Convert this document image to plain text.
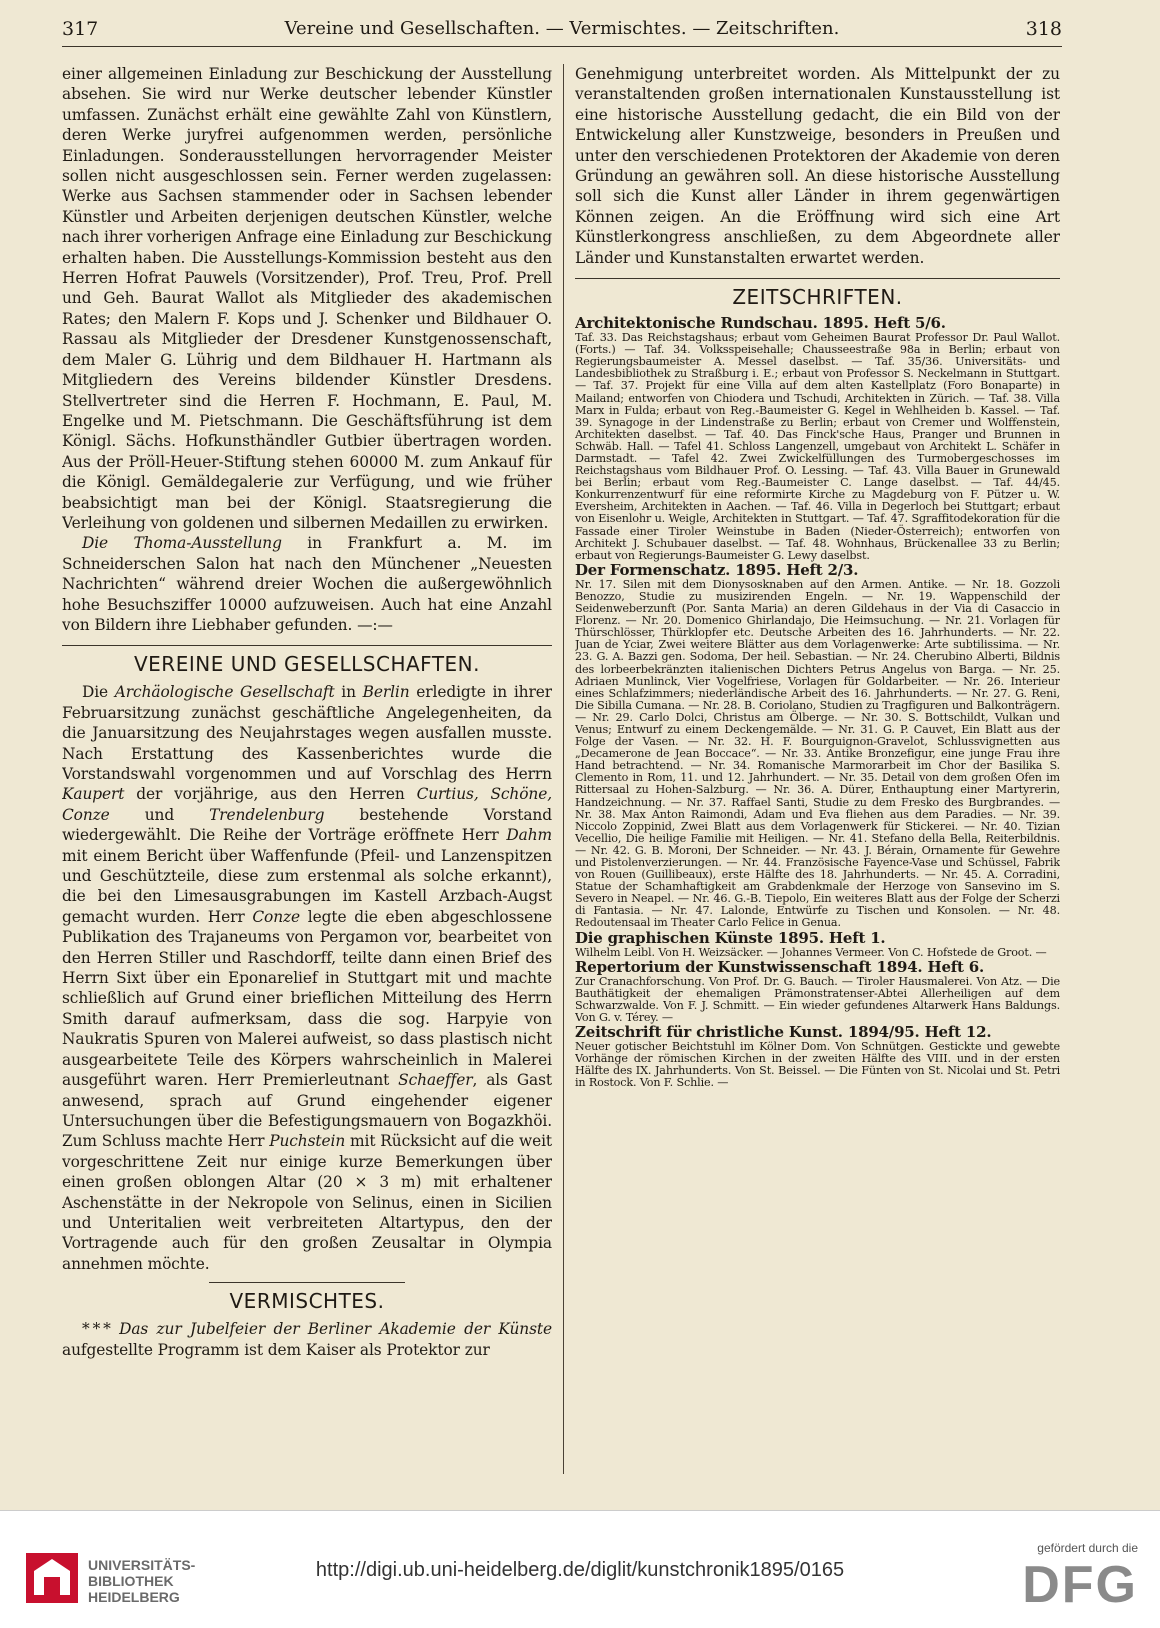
317	Vereine und Gesellschaften. — Vermischtes. — Zeitschriften.	318

einer allgemeinen Einladung zur Beschickung der Ausstellung absehen. Sie wird nur Werke deutscher lebender Künstler umfassen. Zunächst erhält eine gewählte Zahl von Künstlern, deren Werke juryfrei aufgenommen werden, persönliche Einladungen. Sonderausstellungen hervorragender Meister sollen nicht ausgeschlossen sein. Ferner werden zugelassen: Werke aus Sachsen stammender oder in Sachsen lebender Künstler und Arbeiten derjenigen deutschen Künstler, welche nach ihrer vorherigen Anfrage eine Einladung zur Beschickung erhalten haben. Die Ausstellungs-Kommission besteht aus den Herren Hofrat Pauwels (Vorsitzender), Prof. Treu, Prof. Prell und Geh. Baurat Wallot als Mitglieder des akademischen Rates; den Malern F. Kops und J. Schenker und Bildhauer O. Rassau als Mitglieder der Dresdener Kunstgenossenschaft, dem Maler G. Lührig und dem Bildhauer H. Hartmann als Mitgliedern des Vereins bildender Künstler Dresdens. Stellvertreter sind die Herren F. Hochmann, E. Paul, M. Engelke und M. Pietschmann. Die Geschäftsführung ist dem Königl. Sächs. Hofkunsthändler Gutbier übertragen worden. Aus der Pröll-Heuer-Stiftung stehen 60000 M. zum Ankauf für die Königl. Gemäldegalerie zur Verfügung, und wie früher beabsichtigt man bei der Königl. Staatsregierung die Verleihung von goldenen und silbernen Medaillen zu erwirken.

Die Thoma-Ausstellung in Frankfurt a. M. im Schneiderschen Salon hat nach den Münchener „Neuesten Nachrichten“ während dreier Wochen die außergewöhnlich hohe Besuchsziffer 10000 aufzuweisen. Auch hat eine Anzahl von Bildern ihre Liebhaber gefunden. —:—

VEREINE UND GESELLSCHAFTEN.

Die Archäologische Gesellschaft in Berlin erledigte in ihrer Februarsitzung zunächst geschäftliche Angelegenheiten, da die Januarsitzung des Neujahrstages wegen ausfallen musste. Nach Erstattung des Kassenberichtes wurde die Vorstandswahl vorgenommen und auf Vorschlag des Herrn Kaupert der vorjährige, aus den Herren Curtius, Schöne, Conze und Trendelenburg bestehende Vorstand wiedergewählt. Die Reihe der Vorträge eröffnete Herr Dahm mit einem Bericht über Waffenfunde (Pfeil- und Lanzenspitzen und Geschützteile, diese zum erstenmal als solche erkannt), die bei den Limesausgrabungen im Kastell Arzbach-Augst gemacht wurden. Herr Conze legte die eben abgeschlossene Publikation des Trajaneums von Pergamon vor, bearbeitet von den Herren Stiller und Raschdorff, teilte dann einen Brief des Herrn Sixt über ein Eponarelief in Stuttgart mit und machte schließlich auf Grund einer brieflichen Mitteilung des Herrn Smith darauf aufmerksam, dass die sog. Harpyie von Naukratis Spuren von Malerei aufweist, so dass plastisch nicht ausgearbeitete Teile des Körpers wahrscheinlich in Malerei ausgeführt waren. Herr Premierleutnant Schaeffer, als Gast anwesend, sprach auf Grund eingehender eigener Untersuchungen über die Befestigungsmauern von Bogazkhöi. Zum Schluss machte Herr Puchstein mit Rücksicht auf die weit vorgeschrittene Zeit nur einige kurze Bemerkungen über einen großen oblongen Altar (20 × 3 m) mit erhaltener Aschenstätte in der Nekropole von Selinus, einen in Sicilien und Unteritalien weit verbreiteten Altartypus, den der Vortragende auch für den großen Zeusaltar in Olympia annehmen möchte.

VERMISCHTES.

* * * Das zur Jubelfeier der Berliner Akademie der Künste aufgestellte Programm ist dem Kaiser als Protektor zur

Genehmigung unterbreitet worden. Als Mittelpunkt der zu veranstaltenden großen internationalen Kunstausstellung ist eine historische Ausstellung gedacht, die ein Bild von der Entwickelung aller Kunstzweige, besonders in Preußen und unter den verschiedenen Protektoren der Akademie von deren Gründung an gewähren soll. An diese historische Ausstellung soll sich die Kunst aller Länder in ihrem gegenwärtigen Können zeigen. An die Eröffnung wird sich eine Art Künstlerkongress anschließen, zu dem Abgeordnete aller Länder und Kunstanstalten erwartet werden.

ZEITSCHRIFTEN.

Architektonische Rundschau. 1895. Heft 5/6.

Taf. 33. Das Reichstagshaus; erbaut vom Geheimen Baurat Professor Dr. Paul Wallot. (Forts.) — Taf. 34. Volksspeisehalle; Chausseestraße 98a in Berlin; erbaut von Regierungsbaumeister A. Messel daselbst. — Taf. 35/36. Universitäts- und Landesbibliothek zu Straßburg i. E.; erbaut von Professor S. Neckelmann in Stuttgart. — Taf. 37. Projekt für eine Villa auf dem alten Kastellplatz (Foro Bonaparte) in Mailand; entworfen von Chiodera und Tschudi, Architekten in Zürich. — Taf. 38. Villa Marx in Fulda; erbaut von Reg.-Baumeister G. Kegel in Wehlheiden b. Kassel. — Taf. 39. Synagoge in der Lindenstraße zu Berlin; erbaut von Cremer und Wolffenstein, Architekten daselbst. — Taf. 40. Das Finck'sche Haus, Pranger und Brunnen in Schwäb. Hall. — Tafel 41. Schloss Langenzell, umgebaut von Architekt L. Schäfer in Darmstadt. — Tafel 42. Zwei Zwickelfüllungen des Turmobergeschosses im Reichstagshaus vom Bildhauer Prof. O. Lessing. — Taf. 43. Villa Bauer in Grunewald bei Berlin; erbaut vom Reg.-Baumeister C. Lange daselbst. — Taf. 44/45. Konkurrenzentwurf für eine reformirte Kirche zu Magdeburg von F. Pützer u. W. Eversheim, Architekten in Aachen. — Taf. 46. Villa in Degerloch bei Stuttgart; erbaut von Eisenlohr u. Weigle, Architekten in Stuttgart. — Taf. 47. Sgraffitodekoration für die Fassade einer Tiroler Weinstube in Baden (Nieder-Österreich); entworfen von Architekt J. Schubauer daselbst. — Taf. 48. Wohnhaus, Brückenallee 33 zu Berlin; erbaut von Regierungs-Baumeister G. Lewy daselbst.

Der Formenschatz. 1895. Heft 2/3.

Nr. 17. Silen mit dem Dionysosknaben auf den Armen. Antike. — Nr. 18. Gozzoli Benozzo, Studie zu musizirenden Engeln. — Nr. 19. Wappenschild der Seidenweberzunft (Por. Santa Maria) an deren Gildehaus in der Via di Casaccio in Florenz. — Nr. 20. Domenico Ghirlandajo, Die Heimsuchung. — Nr. 21. Vorlagen für Thürschlösser, Thürklopfer etc. Deutsche Arbeiten des 16. Jahrhunderts. — Nr. 22. Juan de Yciar, Zwei weitere Blätter aus dem Vorlagenwerke: Arte subtilissima. — Nr. 23. G. A. Bazzi gen. Sodoma, Der heil. Sebastian. — Nr. 24. Cherubino Alberti, Bildnis des lorbeerbekränzten italienischen Dichters Petrus Angelus von Barga. — Nr. 25. Adriaen Munlinck, Vier Vogelfriese, Vorlagen für Goldarbeiter. — Nr. 26. Interieur eines Schlafzimmers; niederländische Arbeit des 16. Jahrhunderts. — Nr. 27. G. Reni, Die Sibilla Cumana. — Nr. 28. B. Coriolano, Studien zu Tragfiguren und Balkonträgern. — Nr. 29. Carlo Dolci, Christus am Ölberge. — Nr. 30. S. Bottschildt, Vulkan und Venus; Entwurf zu einem Deckengemälde. — Nr. 31. G. P. Cauvet, Ein Blatt aus der Folge der Vasen. — Nr. 32. H. F. Bourguignon-Gravelot, Schlussvignetten aus „Decamerone de Jean Boccace“. — Nr. 33. Antike Bronzefigur, eine junge Frau ihre Hand betrachtend. — Nr. 34. Romanische Marmorarbeit im Chor der Basilika S. Clemento in Rom, 11. und 12. Jahrhundert. — Nr. 35. Detail von dem großen Ofen im Rittersaal zu Hohen-Salzburg. — Nr. 36. A. Dürer, Enthauptung einer Martyrerin, Handzeichnung. — Nr. 37. Raffael Santi, Studie zu dem Fresko des Burgbrandes. — Nr. 38. Max Anton Raimondi, Adam und Eva fliehen aus dem Paradies. — Nr. 39. Niccolo Zoppinid, Zwei Blatt aus dem Vorlagenwerk für Stickerei. — Nr. 40. Tizian Vecellio, Die heilige Familie mit Heiligen. — Nr. 41. Stefano della Bella, Reiterbildnis. — Nr. 42. G. B. Moroni, Der Schneider. — Nr. 43. J. Bérain, Ornamente für Gewehre und Pistolenverzierungen. — Nr. 44. Französische Fayence-Vase und Schüssel, Fabrik von Rouen (Guillibeaux), erste Hälfte des 18. Jahrhunderts. — Nr. 45. A. Corradini, Statue der Schamhaftigkeit am Grabdenkmale der Herzoge von Sansevino im S. Severo in Neapel. — Nr. 46. G.-B. Tiepolo, Ein weiteres Blatt aus der Folge der Scherzi di Fantasia. — Nr. 47. Lalonde, Entwürfe zu Tischen und Konsolen. — Nr. 48. Redoutensaal im Theater Carlo Felice in Genua.

Die graphischen Künste 1895. Heft 1.

Wilhelm Leibl. Von H. Weizsäcker. — Johannes Vermeer. Von C. Hofstede de Groot. —

Repertorium der Kunstwissenschaft 1894. Heft 6.

Zur Cranachforschung. Von Prof. Dr. G. Bauch. — Tiroler Hausmalerei. Von Atz. — Die Bauthätigkeit der ehemaligen Prämonstratenser-Abtei Allerheiligen auf dem Schwarzwalde. Von F. J. Schmitt. — Ein wieder gefundenes Altarwerk Hans Baldungs. Von G. v. Térey. —

Zeitschrift für christliche Kunst. 1894/95. Heft 12.

Neuer gotischer Beichtstuhl im Kölner Dom. Von Schnütgen. Gestickte und gewebte Vorhänge der römischen Kirchen in der zweiten Hälfte des VIII. und in der ersten Hälfte des IX. Jahrhunderts. Von St. Beissel. — Die Fünten von St. Nicolai und St. Petri in Rostock. Von F. Schlie. —

UNIVERSITÄTS-
BIBLIOTHEK
HEIDELBERG
http://digi.ub.uni-heidelberg.de/diglit/kunstchronik1895/0165
gefördert durch die
DFG
